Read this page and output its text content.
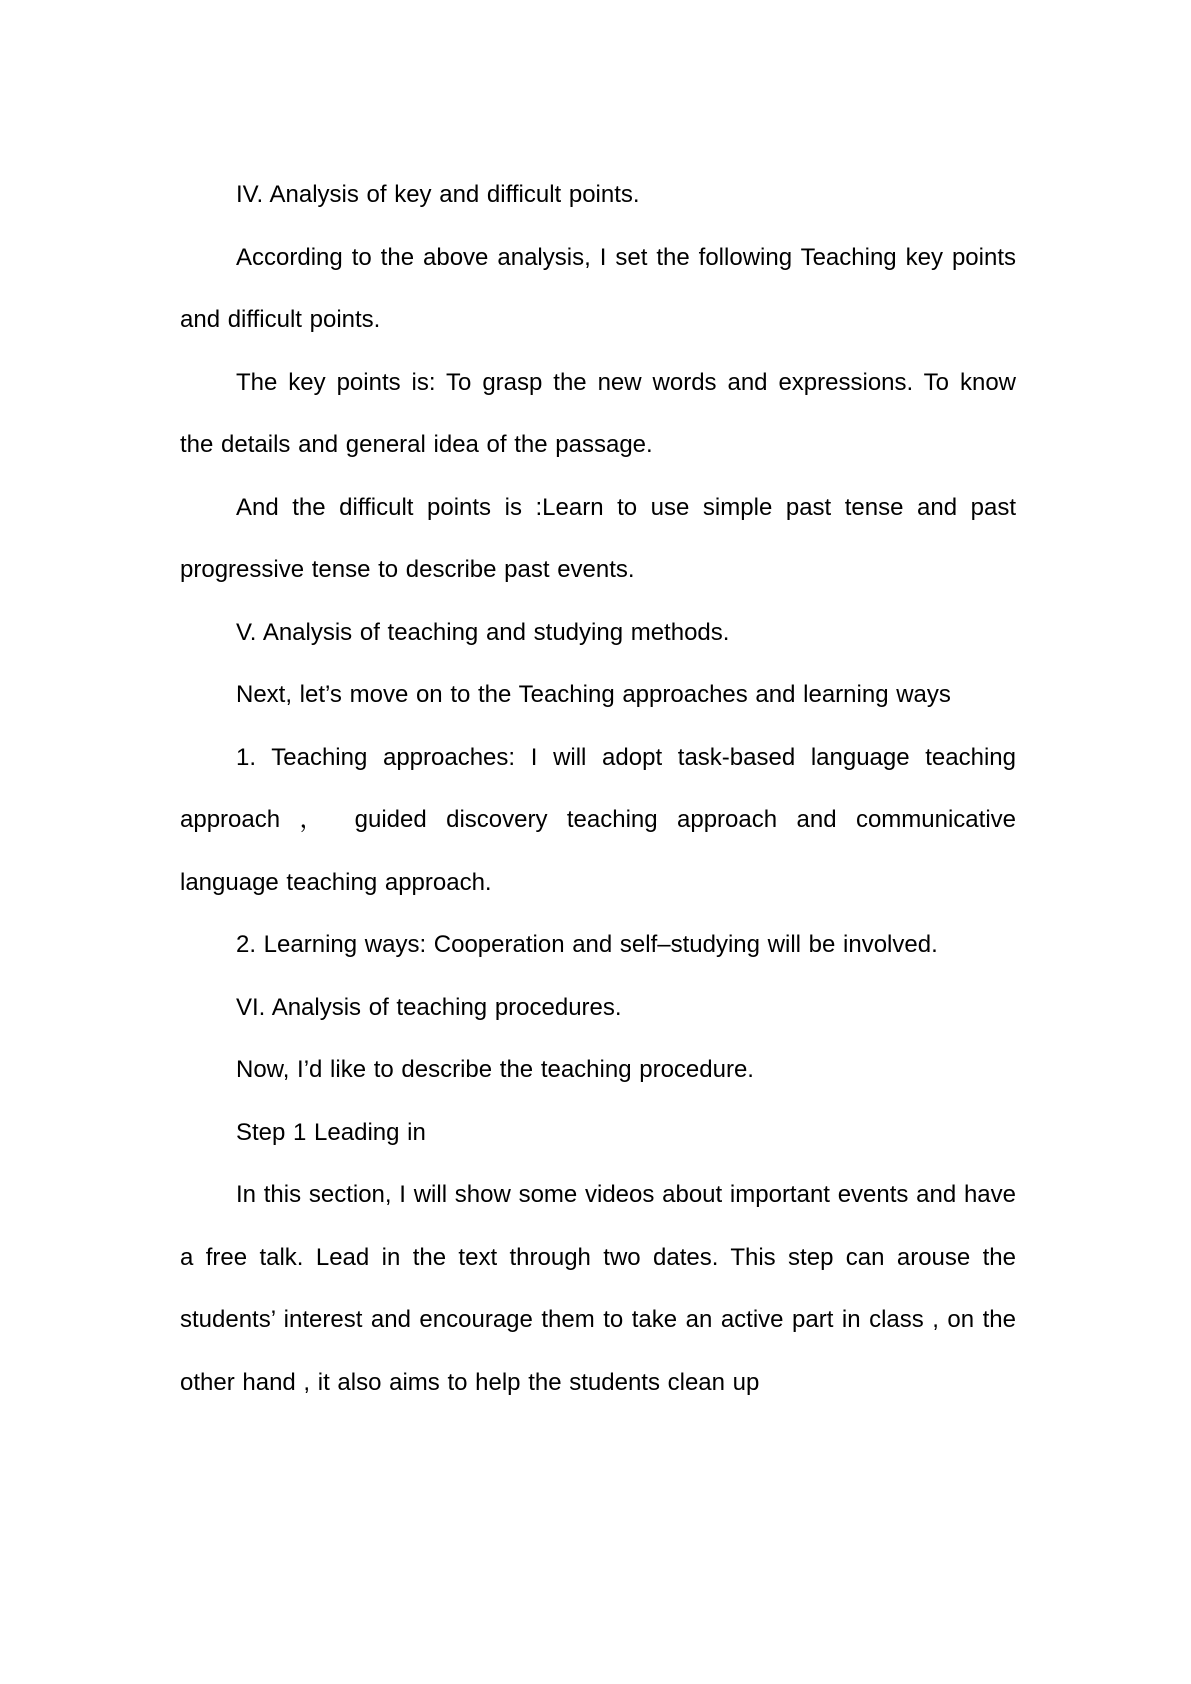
IV. Analysis of key and difficult points.

According to the above analysis, I set the following Teaching key points and difficult points.

The key points is: To grasp the new words and expressions. To know the details and general idea of the passage.

And the difficult points is :Learn to use simple past tense and past progressive tense to describe past events.

V. Analysis of teaching and studying methods.

Next, let’s move on to the Teaching approaches and learning ways

1. Teaching approaches: I will adopt task-based language teaching approach ， guided discovery teaching approach and communicative language teaching approach.

2. Learning ways: Cooperation and self–studying will be involved.

VI. Analysis of teaching procedures.

Now, I’d like to describe the teaching procedure.

Step 1 Leading in

In this section, I will show some videos about important events and have a free talk. Lead in the text through two dates. This step can arouse the students’ interest and encourage them to take an active part in class , on the other hand , it also aims to help the students clean up
